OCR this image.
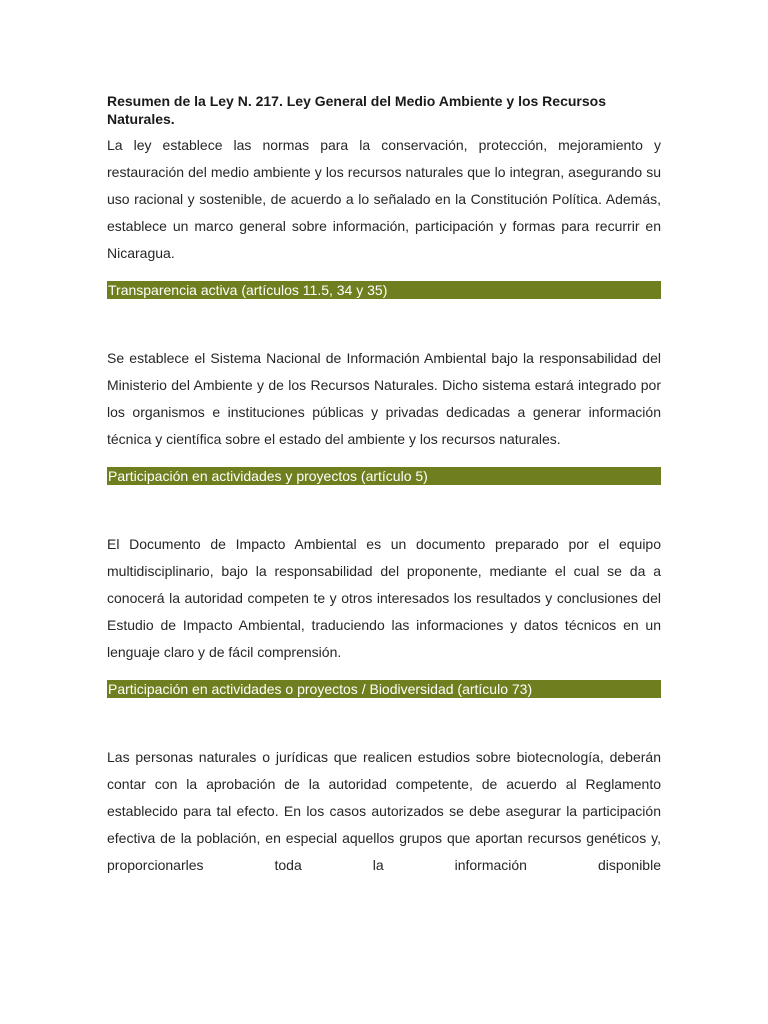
Resumen de la Ley N. 217. Ley General del Medio Ambiente y los Recursos Naturales.

La ley establece las normas para la conservación, protección, mejoramiento y restauración del medio ambiente y los recursos naturales que lo integran, asegurando su uso racional y sostenible, de acuerdo a lo señalado en la Constitución Política. Además, establece un marco general sobre información, participación y formas para recurrir en Nicaragua.

Transparencia activa (artículos 11.5, 34 y 35)

Se establece el Sistema Nacional de Información Ambiental bajo la responsabilidad del Ministerio del Ambiente y de los Recursos Naturales. Dicho sistema estará integrado por los organismos e instituciones públicas y privadas dedicadas a generar información técnica y científica sobre el estado del ambiente y los recursos naturales.

Participación en actividades y proyectos (artículo 5)

El Documento de Impacto Ambiental es un documento preparado por el equipo multidisciplinario, bajo la responsabilidad del proponente, mediante el cual se da a conocerá la autoridad competen te y otros interesados los resultados y conclusiones del Estudio de Impacto Ambiental, traduciendo las informaciones y datos técnicos en un lenguaje claro y de fácil comprensión.

Participación en actividades o proyectos / Biodiversidad (artículo 73)

Las personas naturales o jurídicas que realicen estudios sobre biotecnología, deberán contar con la aprobación de la autoridad competente, de acuerdo al Reglamento establecido para tal efecto. En los casos autorizados se debe asegurar la participación efectiva de la población, en especial aquellos grupos que aportan recursos genéticos y, proporcionarles toda la información disponible
